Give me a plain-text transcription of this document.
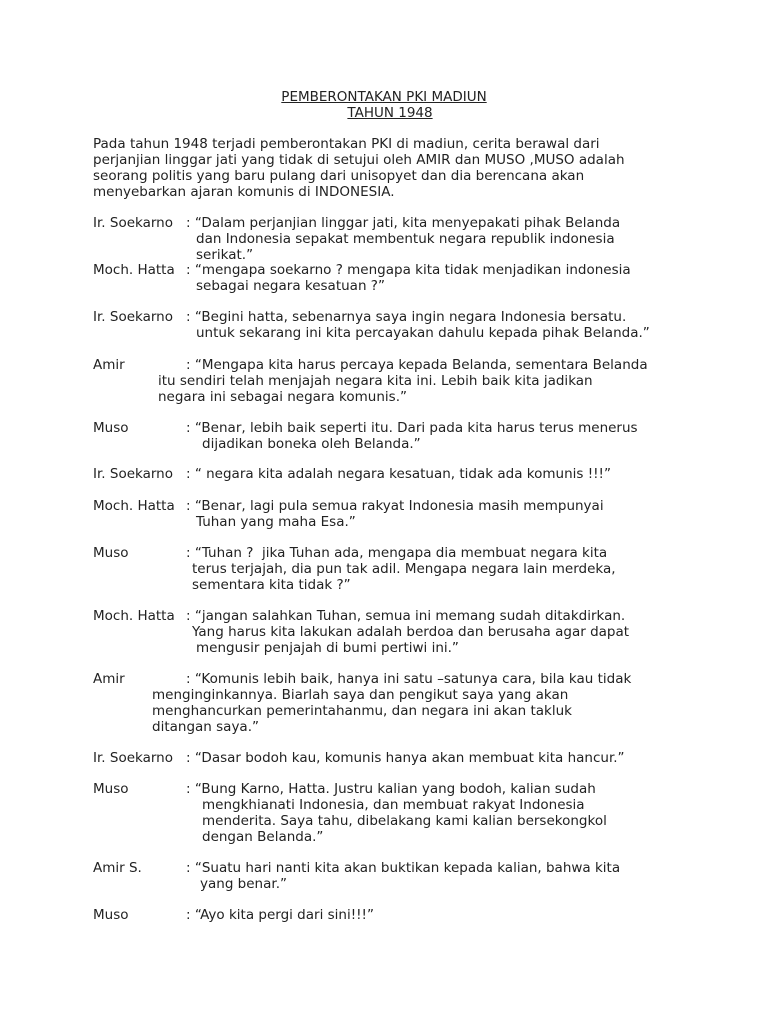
PEMBERONTAKAN PKI MADIUN
TAHUN 1948
Pada tahun 1948 terjadi pemberontakan PKI di madiun, cerita berawal dari
perjanjian linggar jati yang tidak di setujui oleh AMIR dan MUSO ,MUSO adalah
seorang politis yang baru pulang dari unisopyet dan dia berencana akan
menyebarkan ajaran komunis di INDONESIA.
Ir. Soekarno : “Dalam perjanjian linggar jati, kita menyepakati pihak Belanda
dan Indonesia sepakat membentuk negara republik indonesia
serikat.”
Moch. Hatta : “mengapa soekarno ? mengapa kita tidak menjadikan indonesia
sebagai negara kesatuan ?”
Ir. Soekarno : “Begini hatta, sebenarnya saya ingin negara Indonesia bersatu.
untuk sekarang ini kita percayakan dahulu kepada pihak Belanda.”
Amir	: “Mengapa kita harus percaya kepada Belanda, sementara Belanda
itu sendiri telah menjajah negara kita ini. Lebih baik kita jadikan
negara ini sebagai negara komunis.”
Muso	: “Benar, lebih baik seperti itu. Dari pada kita harus terus menerus
dijadikan boneka oleh Belanda.”
Ir. Soekarno : “ negara kita adalah negara kesatuan, tidak ada komunis !!!”
Moch. Hatta : “Benar, lagi pula semua rakyat Indonesia masih mempunyai
Tuhan yang maha Esa.”
Muso	: “Tuhan ?  jika Tuhan ada, mengapa dia membuat negara kita
terus terjajah, dia pun tak adil. Mengapa negara lain merdeka,
sementara kita tidak ?”
Moch. Hatta : “jangan salahkan Tuhan, semua ini memang sudah ditakdirkan.
Yang harus kita lakukan adalah berdoa dan berusaha agar dapat
mengusir penjajah di bumi pertiwi ini.”
Amir	: “Komunis lebih baik, hanya ini satu –satunya cara, bila kau tidak
menginginkannya. Biarlah saya dan pengikut saya yang akan
menghancurkan pemerintahanmu, dan negara ini akan takluk
ditangan saya.”
Ir. Soekarno : “Dasar bodoh kau, komunis hanya akan membuat kita hancur.”
Muso	: “Bung Karno, Hatta. Justru kalian yang bodoh, kalian sudah
mengkhianati Indonesia, dan membuat rakyat Indonesia
menderita. Saya tahu, dibelakang kami kalian bersekongkol
dengan Belanda.”
Amir S.	: “Suatu hari nanti kita akan buktikan kepada kalian, bahwa kita
yang benar.”
Muso	: “Ayo kita pergi dari sini!!!”
